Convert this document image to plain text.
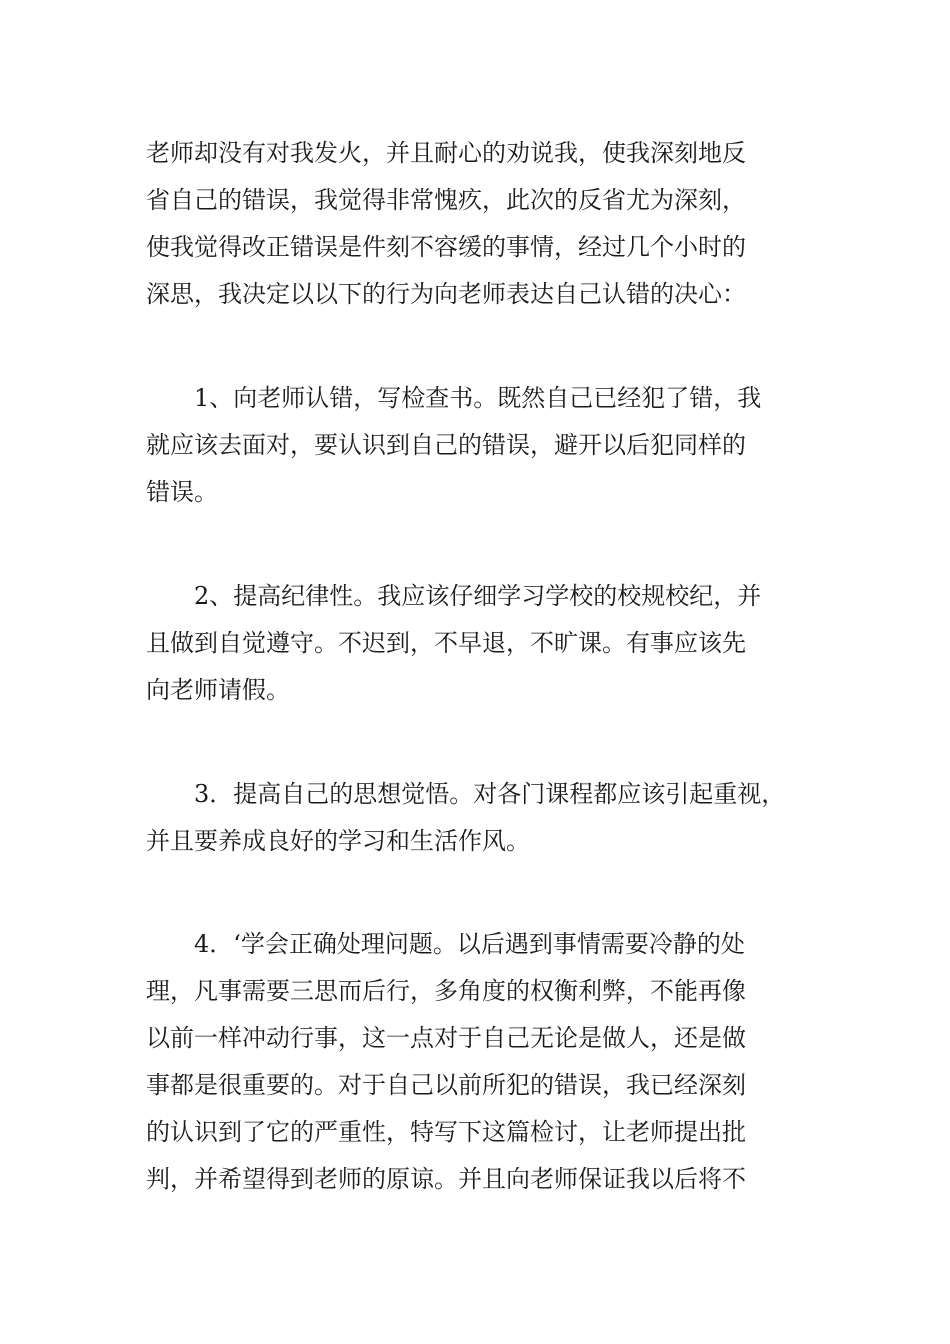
老师却没有对我发火，并且耐心的劝说我，使我深刻地反

省自己的错误，我觉得非常愧疚，此次的反省尤为深刻，

使我觉得改正错误是件刻不容缓的事情，经过几个小时的

深思，我决定以以下的行为向老师表达自己认错的决心：

1、向老师认错，写检查书。既然自己已经犯了错，我

就应该去面对，要认识到自己的错误，避开以后犯同样的

错误。

2、提高纪律性。我应该仔细学习学校的校规校纪，并

且做到自觉遵守。不迟到，不早退，不旷课。有事应该先

向老师请假。

3．提高自己的思想觉悟。对各门课程都应该引起重视，

并且要养成良好的学习和生活作风。

4．‘学会正确处理问题。以后遇到事情需要冷静的处

理，凡事需要三思而后行，多角度的权衡利弊，不能再像

以前一样冲动行事，这一点对于自己无论是做人，还是做

事都是很重要的。对于自己以前所犯的错误，我已经深刻

的认识到了它的严重性，特写下这篇检讨，让老师提出批

判，并希望得到老师的原谅。并且向老师保证我以后将不
